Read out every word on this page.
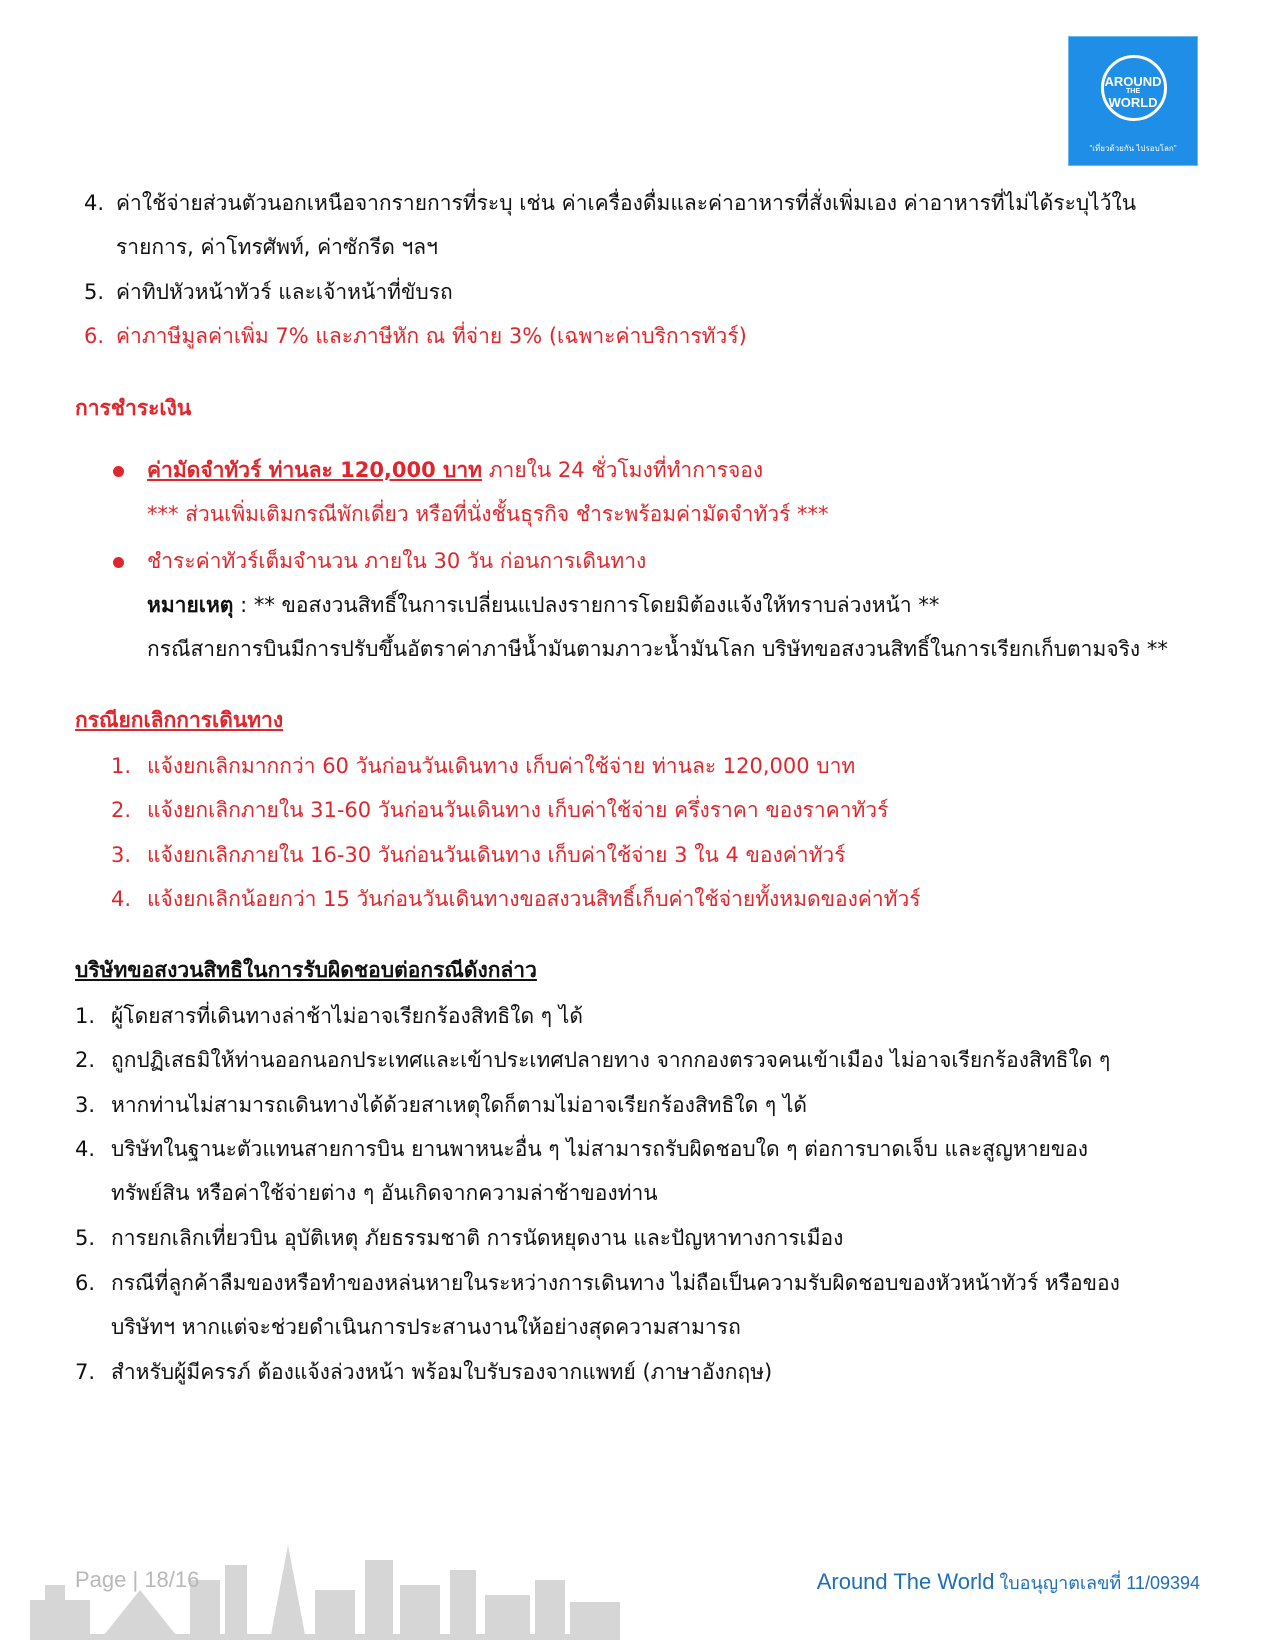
AROUND
THE
WORLD
"เที่ยวด้วยกัน ไปรอบโลก"
4. ค่าใช้จ่ายส่วนตัวนอกเหนือจากรายการที่ระบุ เช่น ค่าเครื่องดื่มและค่าอาหารที่สั่งเพิ่มเอง ค่าอาหารที่ไม่ได้ระบุไว้ใน
รายการ, ค่าโทรศัพท์, ค่าซักรีด ฯลฯ
5. ค่าทิปหัวหน้าทัวร์ และเจ้าหน้าที่ขับรถ
6. ค่าภาษีมูลค่าเพิ่ม 7% และภาษีหัก ณ ที่จ่าย 3% (เฉพาะค่าบริการทัวร์)
การชำระเงิน
ค่ามัดจำทัวร์ ท่านละ 120,000 บาท ภายใน 24 ชั่วโมงที่ทำการจอง
*** ส่วนเพิ่มเติมกรณีพักเดี่ยว หรือที่นั่งชั้นธุรกิจ ชำระพร้อมค่ามัดจำทัวร์ ***
ชำระค่าทัวร์เต็มจำนวน ภายใน 30 วัน ก่อนการเดินทาง
หมายเหตุ : ** ขอสงวนสิทธิ์ในการเปลี่ยนแปลงรายการโดยมิต้องแจ้งให้ทราบล่วงหน้า **
กรณีสายการบินมีการปรับขึ้นอัตราค่าภาษีน้ำมันตามภาวะน้ำมันโลก บริษัทขอสงวนสิทธิ์ในการเรียกเก็บตามจริง **
กรณียกเลิกการเดินทาง
1. แจ้งยกเลิกมากกว่า 60 วันก่อนวันเดินทาง เก็บค่าใช้จ่าย ท่านละ 120,000 บาท
2. แจ้งยกเลิกภายใน 31-60 วันก่อนวันเดินทาง เก็บค่าใช้จ่าย ครึ่งราคา ของราคาทัวร์
3. แจ้งยกเลิกภายใน 16-30 วันก่อนวันเดินทาง เก็บค่าใช้จ่าย 3 ใน 4 ของค่าทัวร์
4. แจ้งยกเลิกน้อยกว่า 15 วันก่อนวันเดินทางขอสงวนสิทธิ์เก็บค่าใช้จ่ายทั้งหมดของค่าทัวร์
บริษัทขอสงวนสิทธิในการรับผิดชอบต่อกรณีดังกล่าว
1. ผู้โดยสารที่เดินทางล่าช้าไม่อาจเรียกร้องสิทธิใด ๆ ได้
2. ถูกปฏิเสธมิให้ท่านออกนอกประเทศและเข้าประเทศปลายทาง จากกองตรวจคนเข้าเมือง ไม่อาจเรียกร้องสิทธิใด ๆ
3. หากท่านไม่สามารถเดินทางได้ด้วยสาเหตุใดก็ตามไม่อาจเรียกร้องสิทธิใด ๆ ได้
4. บริษัทในฐานะตัวแทนสายการบิน ยานพาหนะอื่น ๆ ไม่สามารถรับผิดชอบใด ๆ ต่อการบาดเจ็บ และสูญหายของ
ทรัพย์สิน หรือค่าใช้จ่ายต่าง ๆ อันเกิดจากความล่าช้าของท่าน
5. การยกเลิกเที่ยวบิน อุบัติเหตุ ภัยธรรมชาติ การนัดหยุดงาน และปัญหาทางการเมือง
6. กรณีที่ลูกค้าลืมของหรือทำของหล่นหายในระหว่างการเดินทาง ไม่ถือเป็นความรับผิดชอบของหัวหน้าทัวร์ หรือของ
บริษัทฯ หากแต่จะช่วยดำเนินการประสานงานให้อย่างสุดความสามารถ
7. สำหรับผู้มีครรภ์ ต้องแจ้งล่วงหน้า พร้อมใบรับรองจากแพทย์ (ภาษาอังกฤษ)
Page | 18/16	Around The World ใบอนุญาตเลขที่ 11/09394
